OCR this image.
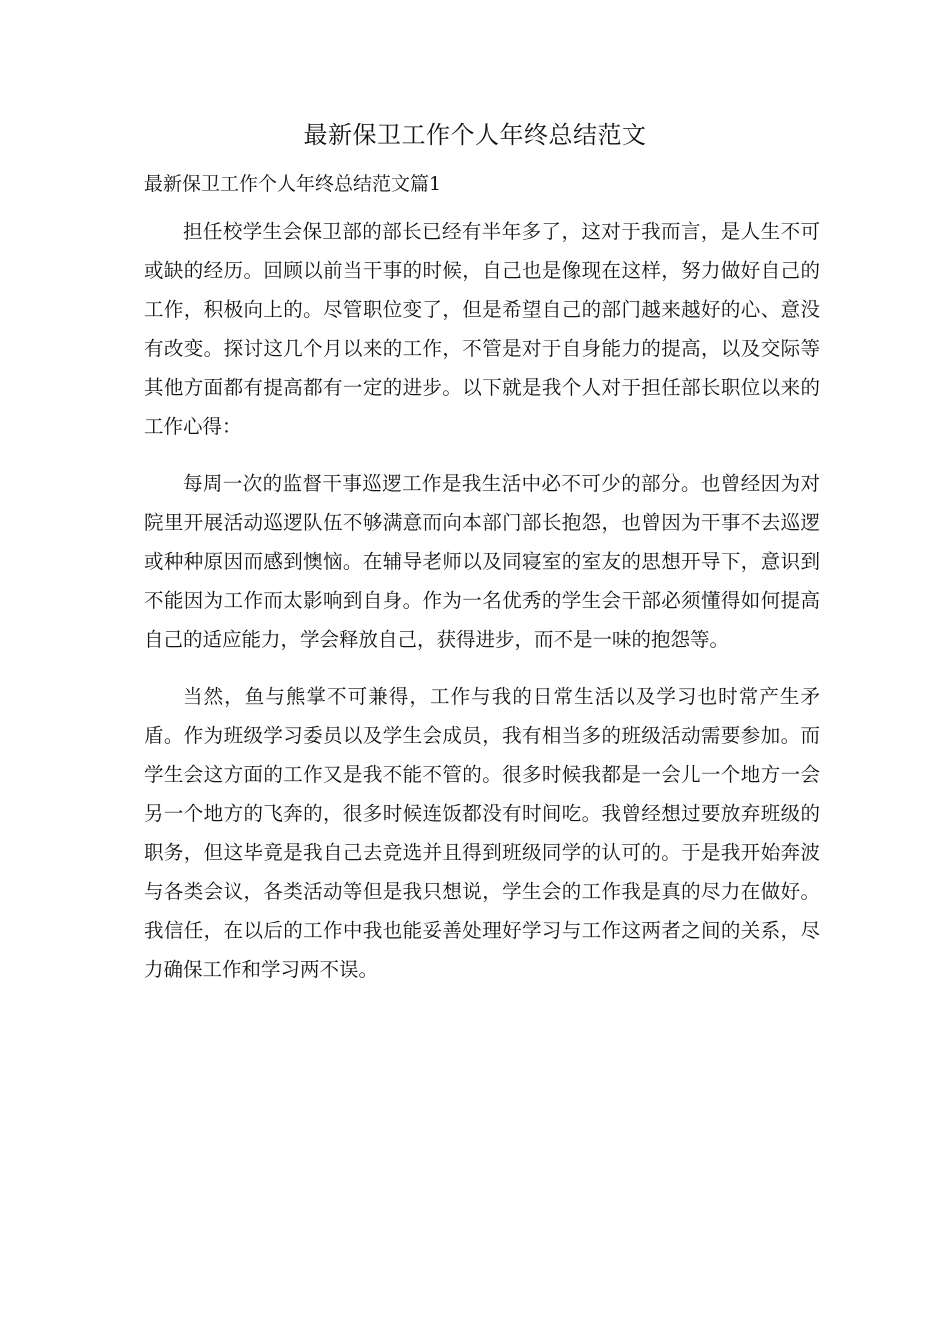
最新保卫工作个人年终总结范文

最新保卫工作个人年终总结范文篇1

担任校学生会保卫部的部长已经有半年多了，这对于我而言，是人生不可或缺的经历。回顾以前当干事的时候，自己也是像现在这样，努力做好自己的工作，积极向上的。尽管职位变了，但是希望自己的部门越来越好的心、意没有改变。探讨这几个月以来的工作，不管是对于自身能力的提高，以及交际等其他方面都有提高都有一定的进步。以下就是我个人对于担任部长职位以来的工作心得：

每周一次的监督干事巡逻工作是我生活中必不可少的部分。也曾经因为对院里开展活动巡逻队伍不够满意而向本部门部长抱怨，也曾因为干事不去巡逻或种种原因而感到懊恼。在辅导老师以及同寝室的室友的思想开导下，意识到不能因为工作而太影响到自身。作为一名优秀的学生会干部必须懂得如何提高自己的适应能力，学会释放自己，获得进步，而不是一味的抱怨等。

当然，鱼与熊掌不可兼得，工作与我的日常生活以及学习也时常产生矛盾。作为班级学习委员以及学生会成员，我有相当多的班级活动需要参加。而学生会这方面的工作又是我不能不管的。很多时候我都是一会儿一个地方一会另一个地方的飞奔的，很多时候连饭都没有时间吃。我曾经想过要放弃班级的职务，但这毕竟是我自己去竞选并且得到班级同学的认可的。于是我开始奔波与各类会议，各类活动等但是我只想说，学生会的工作我是真的尽力在做好。我信任，在以后的工作中我也能妥善处理好学习与工作这两者之间的关系，尽力确保工作和学习两不误。
